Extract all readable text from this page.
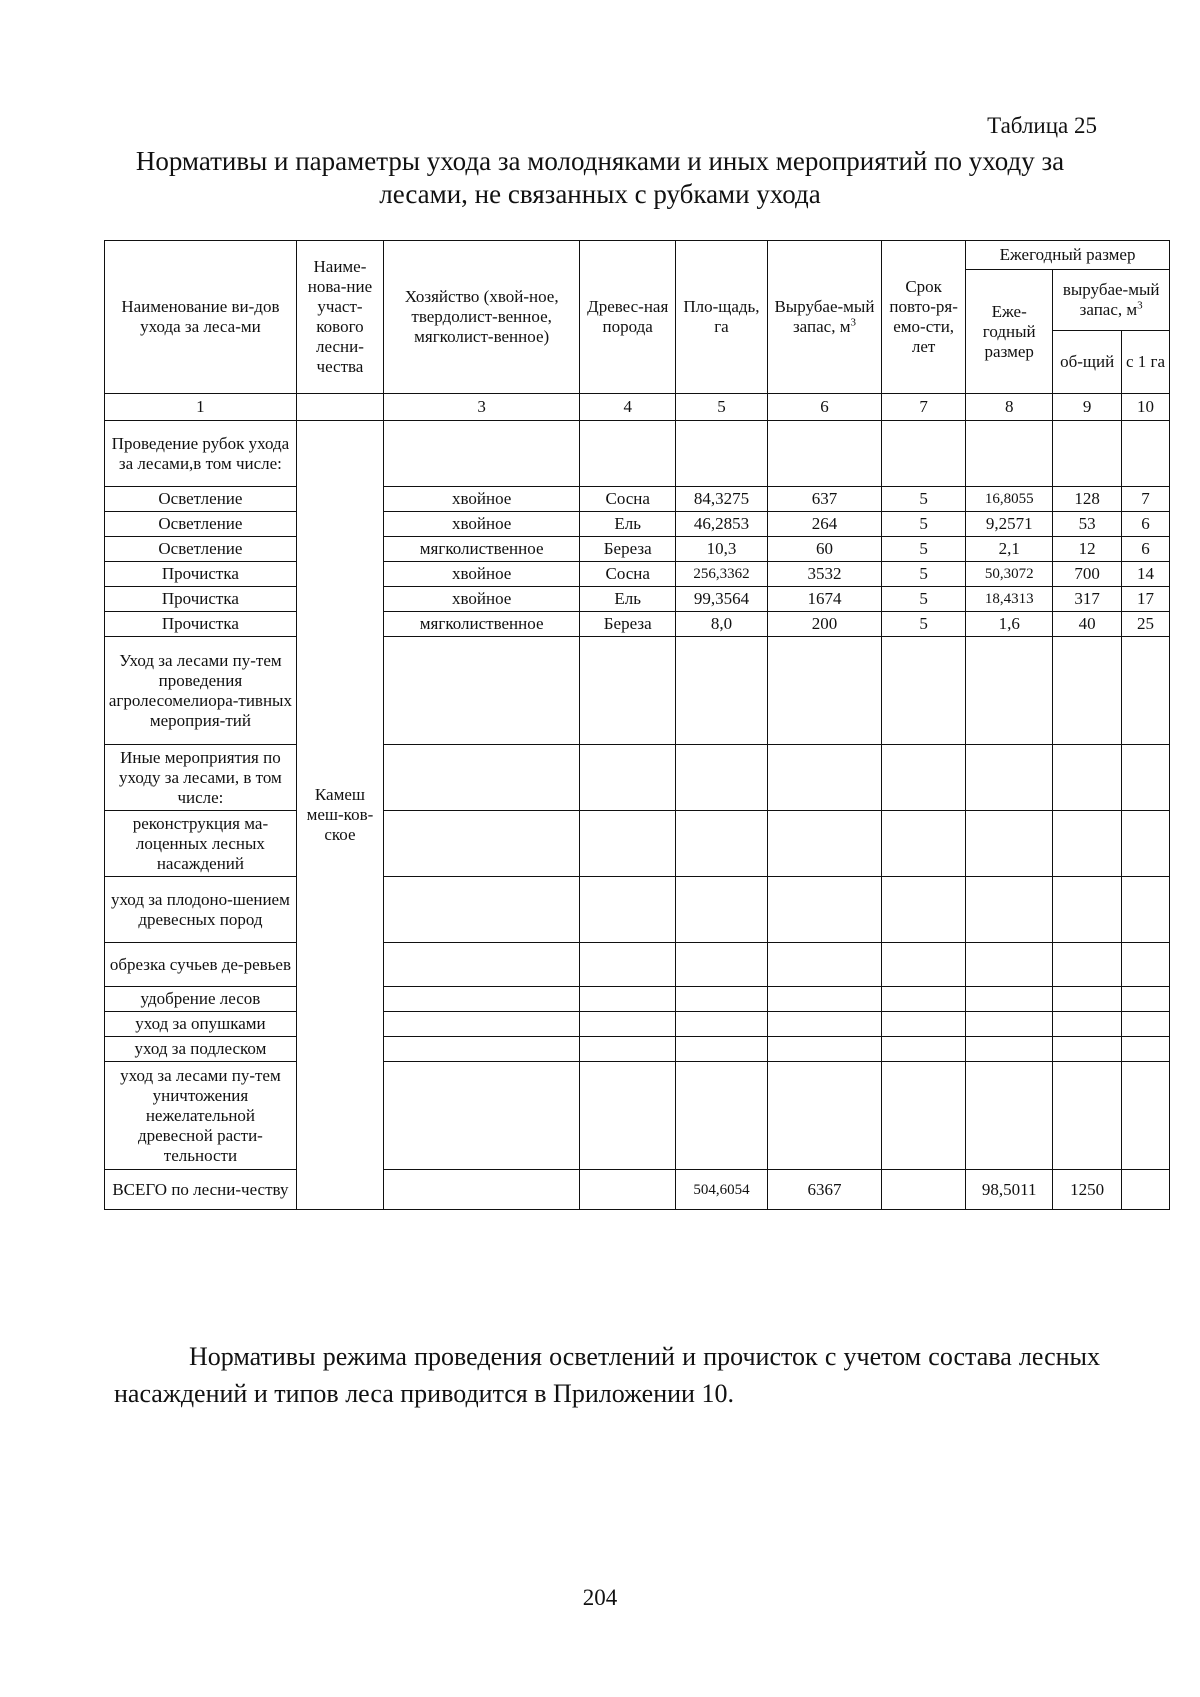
Таблица 25
Нормативы и параметры ухода за молодняками и иных мероприятий по уходу за
лесами, не связанных с рубками ухода
Наименование ви-дов ухода за леса-ми	Наиме-нова-ние участ-кового лесни-чества	Хозяйство (хвой-ное, твердолист-венное, мягколист-венное)	Древес-ная порода	Пло-щадь, га	Вырубае-мый запас, $м^3$	Срок повто-ря-емо-сти, лет	Ежегодный размер		
							Еже-годный размер	вырубае-мый запас, $м^3$
								об-щий	с 1 га
1		3	4	5	6	7	8	9	10
Проведение рубок ухода за лесами,в том числе:	Камеш меш-ков-ское								
Осветление		хвойное	Сосна	84,3275	637	5	16,8055	128	7
Осветление		хвойное	Ель	46,2853	264	5	9,2571	53	6
Осветление		мягколиственное	Береза	10,3	60	5	2,1	12	6
Прочистка		хвойное	Сосна	256,3362	3532	5	50,3072	700	14
Прочистка		хвойное	Ель	99,3564	1674	5	18,4313	317	17
Прочистка		мягколиственное	Береза	8,0	200	5	1,6	40	25
Уход за лесами пу-тем проведения агролесомелиора-тивных мероприя-тий									
Иные мероприятия по уходу за лесами, в том числе:									
реконструкция ма-лоценных лесных насаждений									
уход за плодоно-шением древесных пород									
обрезка сучьев де-ревьев									
удобрение лесов									
уход за опушками									
уход за подлеском									
уход за лесами пу-тем уничтожения нежелательной древесной расти-тельности									
ВСЕГО по лесни-честву				504,6054	6367		98,5011	1250	
Нормативы режима проведения осветлений и прочисток с учетом состава лесных насаждений и типов леса приводится в Приложении 10.
204
